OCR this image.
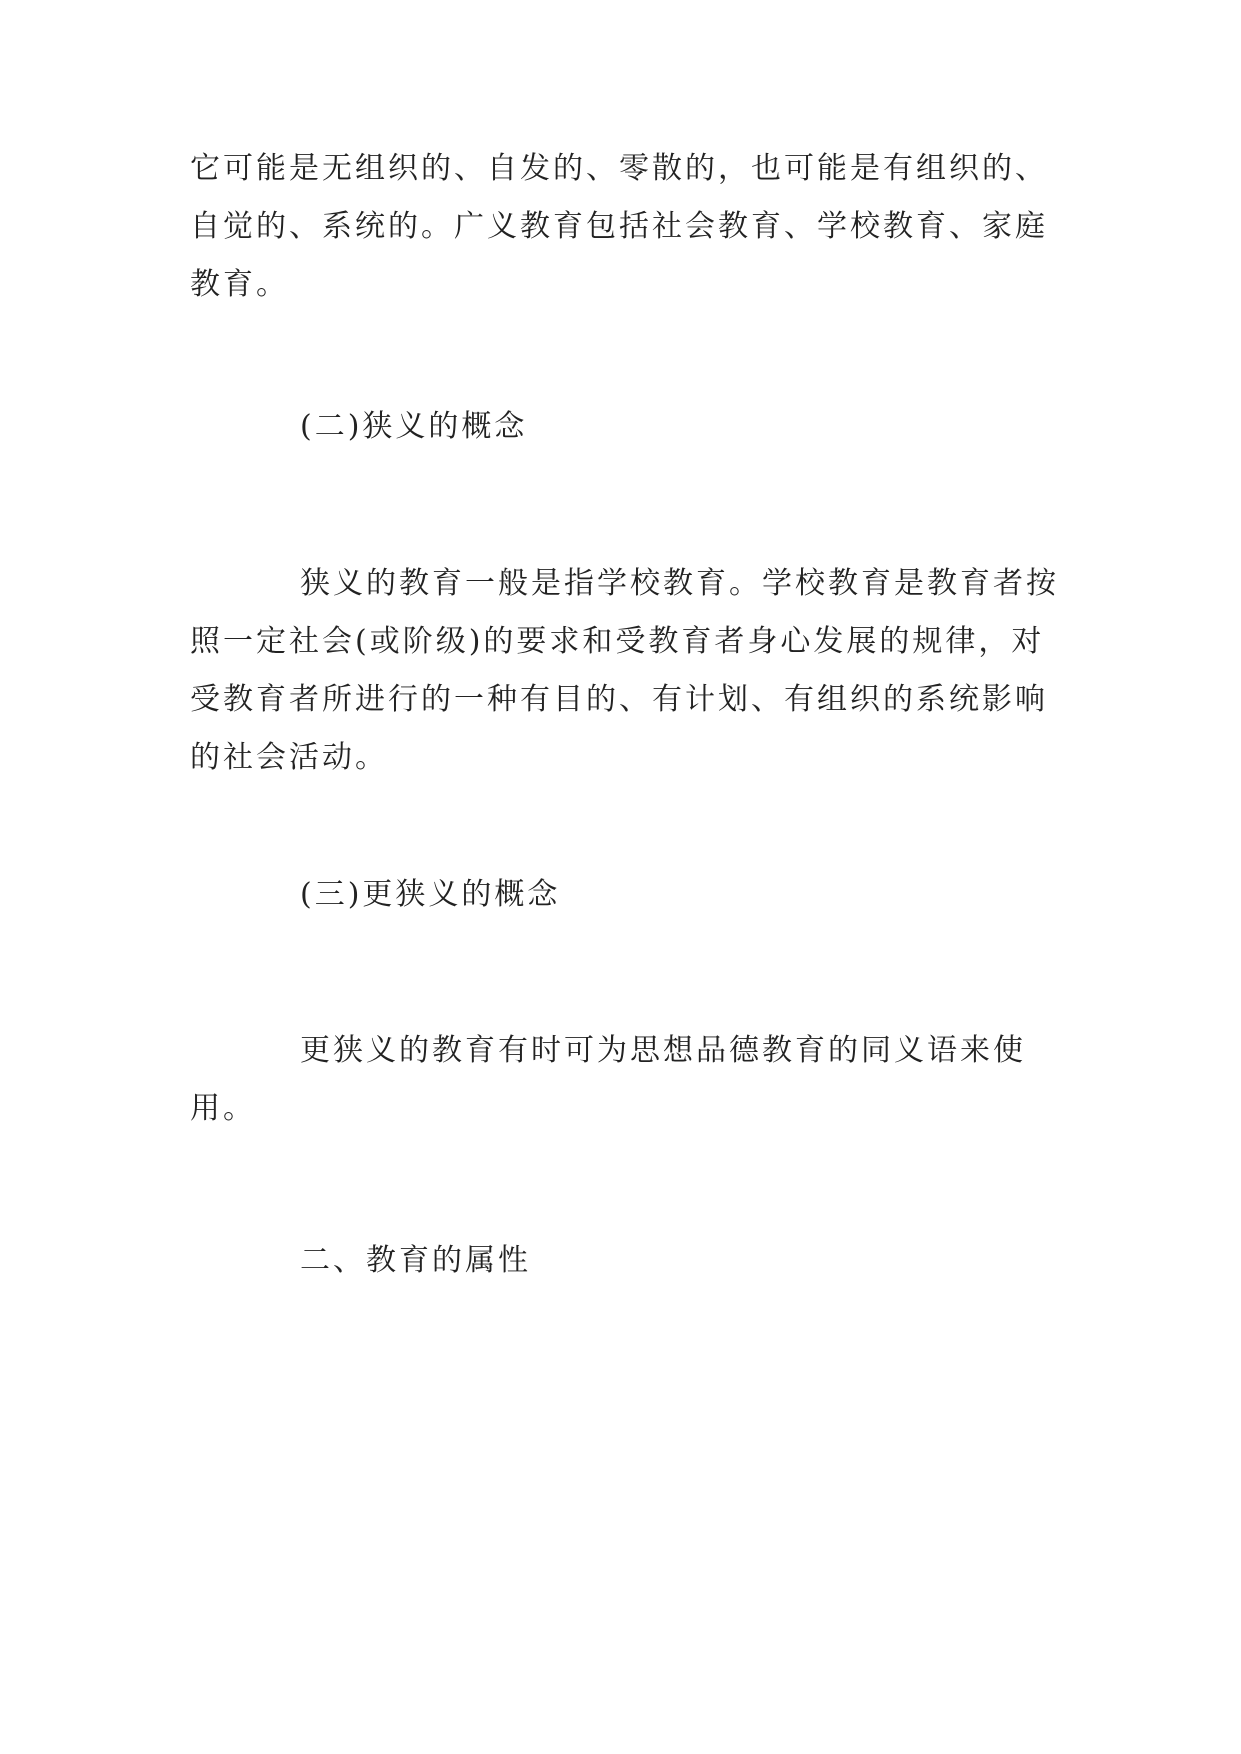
它可能是无组织的、自发的、零散的，也可能是有组织的、
自觉的、系统的。广义教育包括社会教育、学校教育、家庭
教育。

(二)狭义的概念

狭义的教育一般是指学校教育。学校教育是教育者按
照一定社会(或阶级)的要求和受教育者身心发展的规律，对
受教育者所进行的一种有目的、有计划、有组织的系统影响
的社会活动。

(三)更狭义的概念

更狭义的教育有时可为思想品德教育的同义语来使
用。

二、教育的属性
